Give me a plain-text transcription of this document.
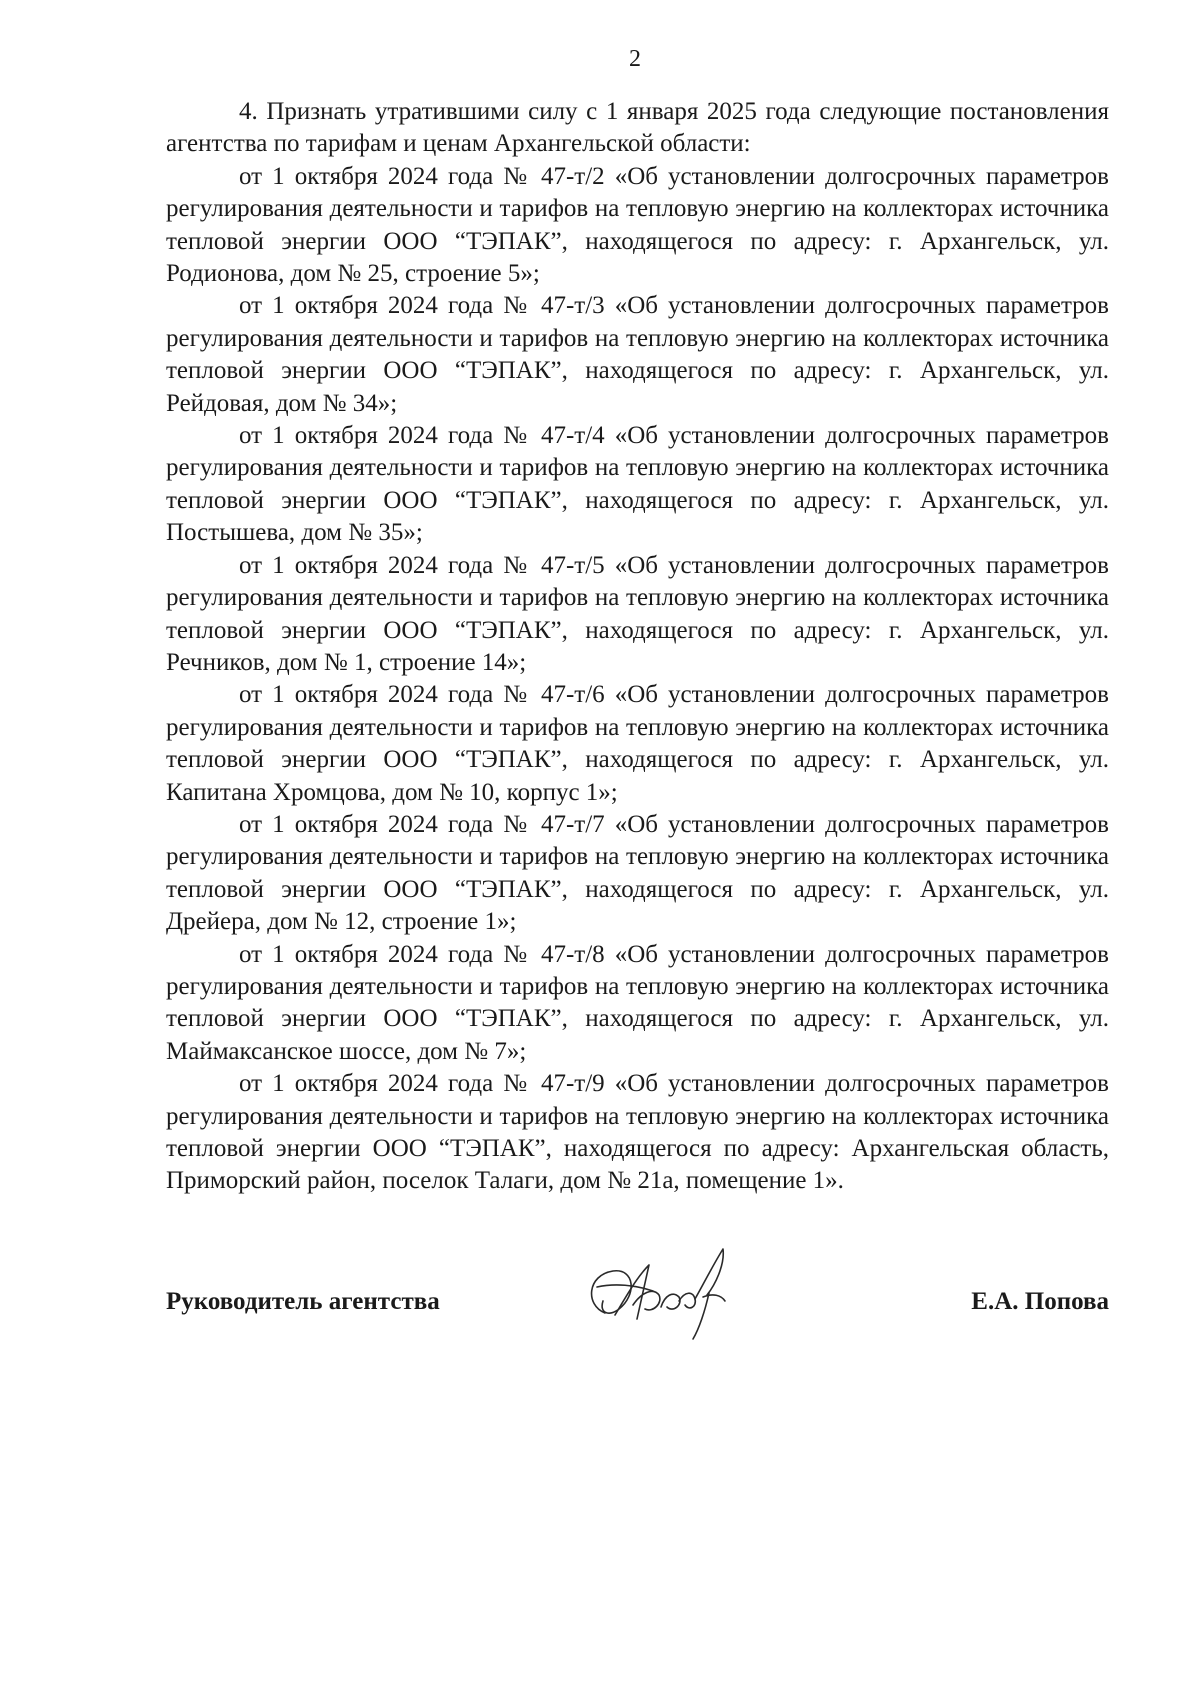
2

4. Признать утратившими силу с 1 января 2025 года следующие постановления агентства по тарифам и ценам Архангельской области:

от 1 октября 2024 года № 47-т/2 «Об установлении долгосрочных параметров регулирования деятельности и тарифов на тепловую энергию на коллекторах источника тепловой энергии ООО “ТЭПАК”, находящегося по адресу: г. Архангельск, ул. Родионова, дом № 25, строение 5»;

от 1 октября 2024 года № 47-т/3 «Об установлении долгосрочных параметров регулирования деятельности и тарифов на тепловую энергию на коллекторах источника тепловой энергии ООО “ТЭПАК”, находящегося по адресу: г. Архангельск, ул. Рейдовая, дом № 34»;

от 1 октября 2024 года № 47-т/4 «Об установлении долгосрочных параметров регулирования деятельности и тарифов на тепловую энергию на коллекторах источника тепловой энергии ООО “ТЭПАК”, находящегося по адресу: г. Архангельск, ул. Постышева, дом № 35»;

от 1 октября 2024 года № 47-т/5 «Об установлении долгосрочных параметров регулирования деятельности и тарифов на тепловую энергию на коллекторах источника тепловой энергии ООО “ТЭПАК”, находящегося по адресу: г. Архангельск, ул. Речников, дом № 1, строение 14»;

от 1 октября 2024 года № 47-т/6 «Об установлении долгосрочных параметров регулирования деятельности и тарифов на тепловую энергию на коллекторах источника тепловой энергии ООО “ТЭПАК”, находящегося по адресу: г. Архангельск, ул. Капитана Хромцова, дом № 10, корпус 1»;

от 1 октября 2024 года № 47-т/7 «Об установлении долгосрочных параметров регулирования деятельности и тарифов на тепловую энергию на коллекторах источника тепловой энергии ООО “ТЭПАК”, находящегося по адресу: г. Архангельск, ул. Дрейера, дом № 12, строение 1»;

от 1 октября 2024 года № 47-т/8 «Об установлении долгосрочных параметров регулирования деятельности и тарифов на тепловую энергию на коллекторах источника тепловой энергии ООО “ТЭПАК”, находящегося по адресу: г. Архангельск, ул. Маймаксанское шоссе, дом № 7»;

от 1 октября 2024 года № 47-т/9 «Об установлении долгосрочных параметров регулирования деятельности и тарифов на тепловую энергию на коллекторах источника тепловой энергии ООО “ТЭПАК”, находящегося по адресу: Архангельская область, Приморский район, поселок Талаги, дом № 21а, помещение 1».

Руководитель агентства	Е.А. Попова
